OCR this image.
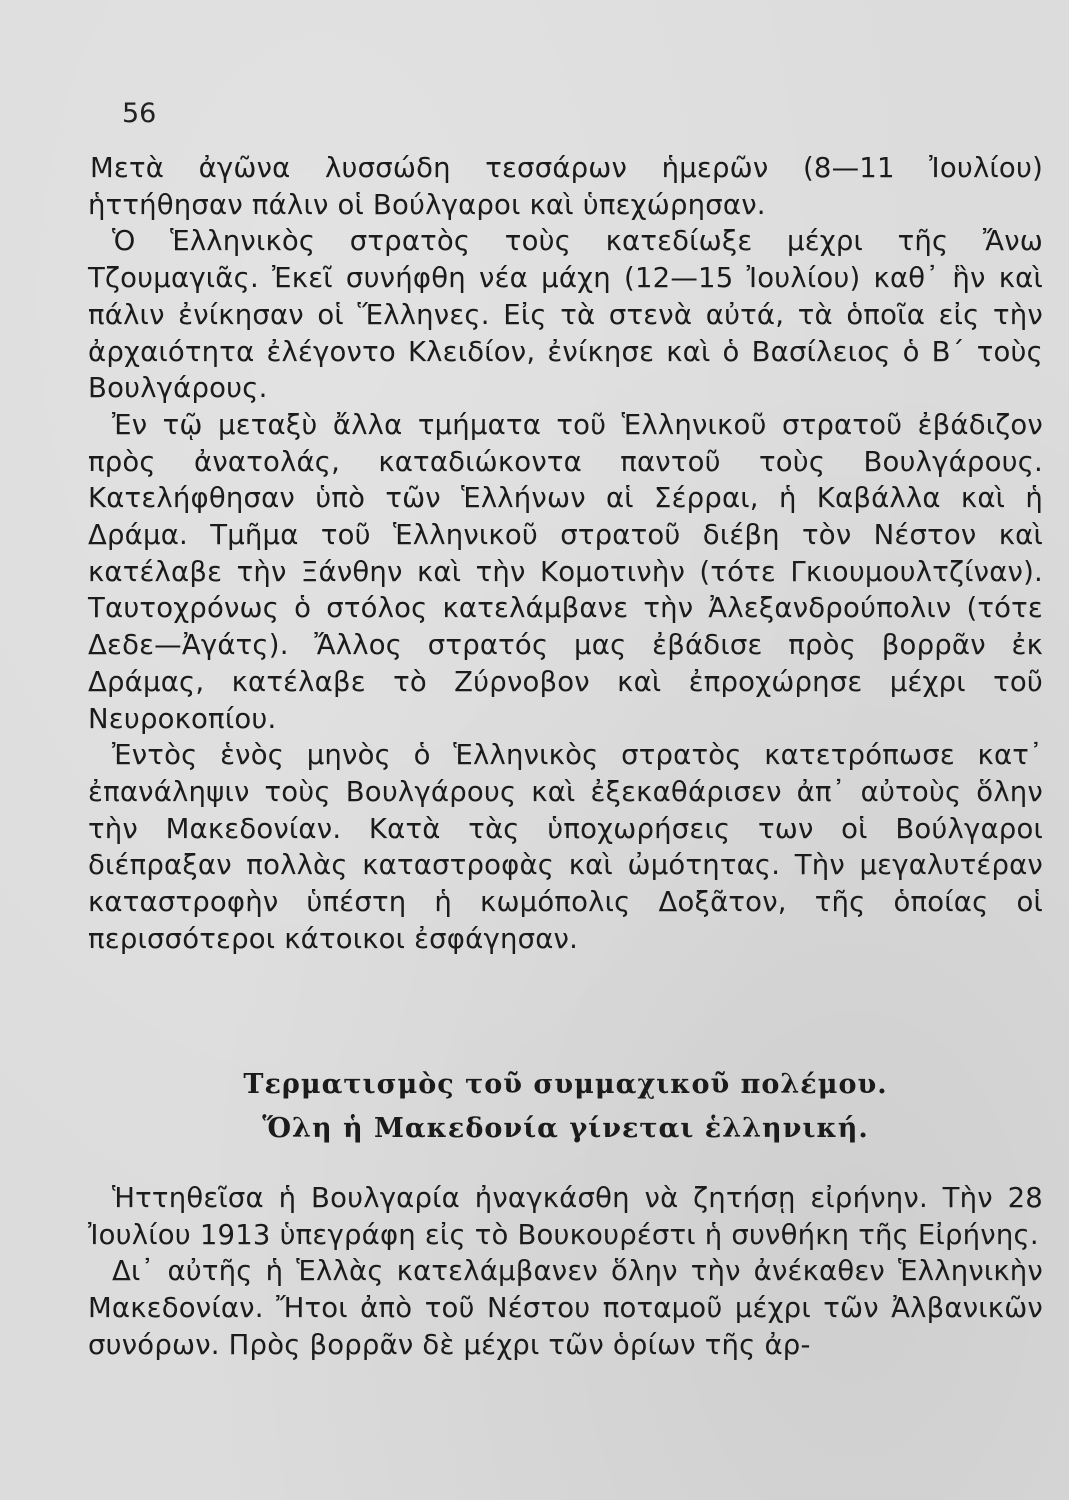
56

Μετὰ ἀγῶνα λυσσώδη τεσσάρων ἡμερῶν (8—11 Ἰουλίου) ἡττήθησαν πάλιν οἱ Βούλγαροι καὶ ὑπεχώρησαν.

Ὁ Ἑλληνικὸς στρατὸς τοὺς κατεδίωξε μέχρι τῆς Ἄνω Τζουμαγιᾶς. Ἐκεῖ συνήφθη νέα μάχη (12—15 Ἰουλίου) καθ᾽ ἣν καὶ πάλιν ἐνίκησαν οἱ Ἕλληνες. Εἰς τὰ στενὰ αὐτά, τὰ ὁποῖα εἰς τὴν ἀρχαιότητα ἐλέγοντο Κλειδίον, ἐνίκησε καὶ ὁ Βασίλειος ὁ Β΄ τοὺς Βουλγάρους.

Ἐν τῷ μεταξὺ ἄλλα τμήματα τοῦ Ἑλληνικοῦ στρατοῦ ἐβάδιζον πρὸς ἀνατολάς, καταδιώκοντα παντοῦ τοὺς Βουλγάρους. Κατελήφθησαν ὑπὸ τῶν Ἑλλήνων αἱ Σέρραι, ἡ Καβάλλα καὶ ἡ Δράμα. Τμῆμα τοῦ Ἑλληνικοῦ στρατοῦ διέβη τὸν Νέστον καὶ κατέλαβε τὴν Ξάνθην καὶ τὴν Κομοτινὴν (τότε Γκιουμουλτζίναν). Ταυτοχρόνως ὁ στόλος κατελάμβανε τὴν Ἀλεξανδρούπολιν (τότε Δεδε—Ἀγάτς). Ἄλλος στρατός μας ἐβάδισε πρὸς βορρᾶν ἐκ Δράμας, κατέλαβε τὸ Ζύρνοβον καὶ ἐπροχώρησε μέχρι τοῦ Νευροκοπίου.

Ἐντὸς ἑνὸς μηνὸς ὁ Ἑλληνικὸς στρατὸς κατετρόπωσε κατ᾽ ἐπανάληψιν τοὺς Βουλγάρους καὶ ἐξεκαθάρισεν ἀπ᾽ αὐτοὺς ὅλην τὴν Μακεδονίαν. Κατὰ τὰς ὑποχωρήσεις των οἱ Βούλγαροι διέπραξαν πολλὰς καταστροφὰς καὶ ὠμότητας. Τὴν μεγαλυτέραν καταστροφὴν ὑπέστη ἡ κωμόπολις Δοξᾶτον, τῆς ὁποίας οἱ περισσότεροι κάτοικοι ἐσφάγησαν.

Τερματισμὸς τοῦ συμμαχικοῦ πολέμου.
Ὅλη ἡ Μακεδονία γίνεται ἑλληνική.

Ἡττηθεῖσα ἡ Βουλγαρία ἠναγκάσθη νὰ ζητήσῃ εἰρήνην. Τὴν 28 Ἰουλίου 1913 ὑπεγράφη εἰς τὸ Βουκουρέστι ἡ συνθήκη τῆς Εἰρήνης.

Δι᾽ αὐτῆς ἡ Ἑλλὰς κατελάμβανεν ὅλην τὴν ἀνέκαθεν Ἑλληνικὴν Μακεδονίαν. Ἤτοι ἀπὸ τοῦ Νέστου ποταμοῦ μέχρι τῶν Ἀλβανικῶν συνόρων. Πρὸς βορρᾶν δὲ μέχρι τῶν ὁρίων τῆς ἀρ-
